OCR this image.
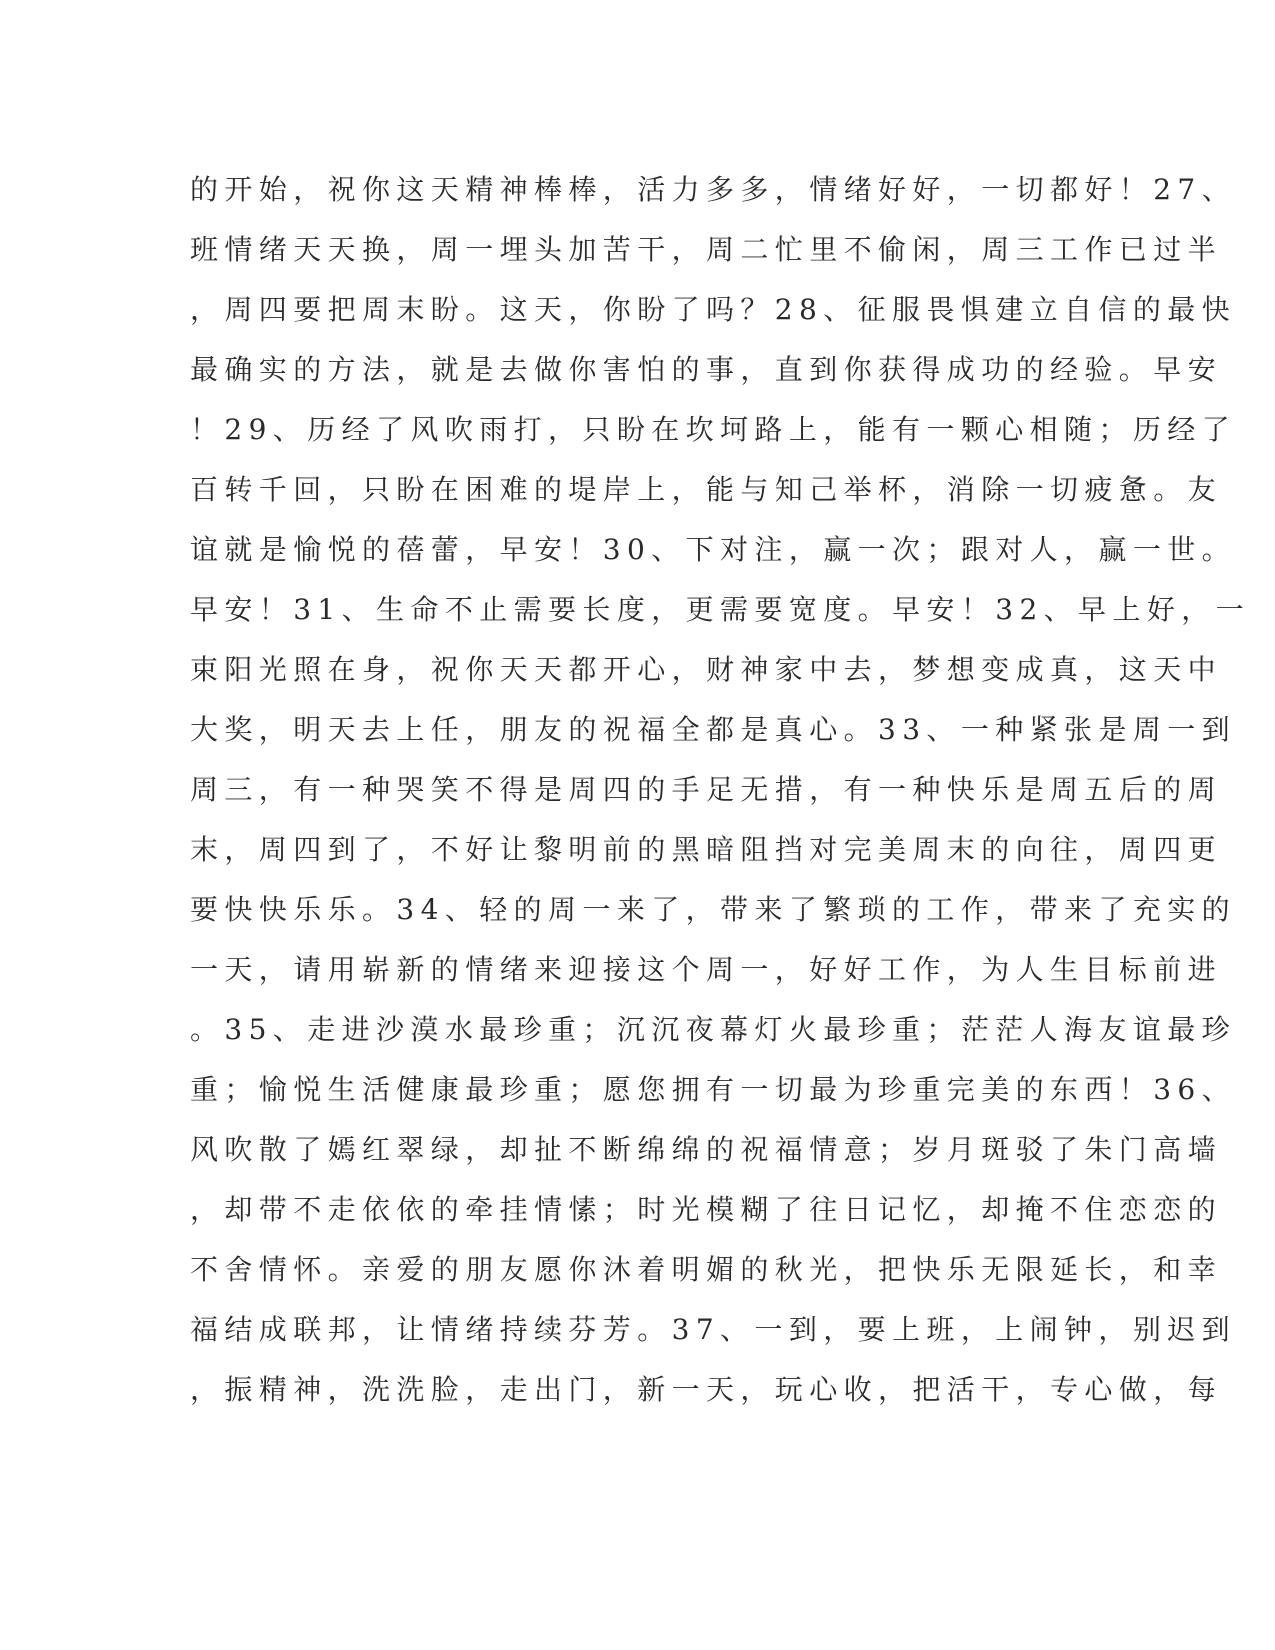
的开始，祝你这天精神棒棒，活力多多，情绪好好，一切都好！27、
班情绪天天换，周一埋头加苦干，周二忙里不偷闲，周三工作已过半
，周四要把周末盼。这天，你盼了吗？28、征服畏惧建立自信的最快
最确实的方法，就是去做你害怕的事，直到你获得成功的经验。早安
！29、历经了风吹雨打，只盼在坎坷路上，能有一颗心相随；历经了
百转千回，只盼在困难的堤岸上，能与知己举杯，消除一切疲惫。友
谊就是愉悦的蓓蕾，早安！30、下对注，赢一次；跟对人，赢一世。
早安！31、生命不止需要长度，更需要宽度。早安！32、早上好，一
束阳光照在身，祝你天天都开心，财神家中去，梦想变成真，这天中
大奖，明天去上任，朋友的祝福全都是真心。33、一种紧张是周一到
周三，有一种哭笑不得是周四的手足无措，有一种快乐是周五后的周
末，周四到了，不好让黎明前的黑暗阻挡对完美周末的向往，周四更
要快快乐乐。34、轻的周一来了，带来了繁琐的工作，带来了充实的
一天，请用崭新的情绪来迎接这个周一，好好工作，为人生目标前进
。35、走进沙漠水最珍重；沉沉夜幕灯火最珍重；茫茫人海友谊最珍
重；愉悦生活健康最珍重；愿您拥有一切最为珍重完美的东西！36、
风吹散了嫣红翠绿，却扯不断绵绵的祝福情意；岁月斑驳了朱门高墙
，却带不走依依的牵挂情愫；时光模糊了往日记忆，却掩不住恋恋的
不舍情怀。亲爱的朋友愿你沐着明媚的秋光，把快乐无限延长，和幸
福结成联邦，让情绪持续芬芳。37、一到，要上班，上闹钟，别迟到
，振精神，洗洗脸，走出门，新一天，玩心收，把活干，专心做，每
